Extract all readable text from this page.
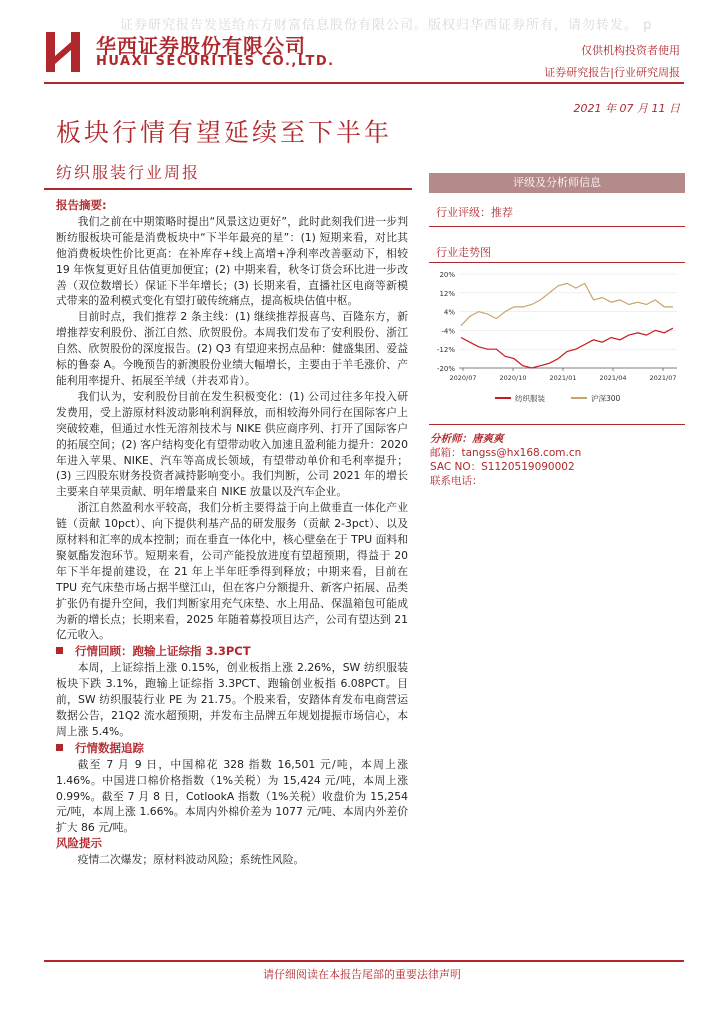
证券研究报告发送给东方财富信息股份有限公司。版权归华西证券所有，请勿转发。 p
华西证券股份有限公司
HUAXI SECURITIES CO.,LTD.
仅供机构投资者使用
证券研究报告|行业研究周报
2021 年 07 月 11 日
板块行情有望延续至下半年
纺织服装行业周报
报告摘要:

我们之前在中期策略时提出“风景这边更好”，此时此刻我们进一步判断纺服板块可能是消费板块中“下半年最亮的星”：(1) 短期来看，对比其他消费板块性价比更高：在补库存+线上高增+净利率改善驱动下，相较 19 年恢复更好且估值更加便宜；(2) 中期来看，秋冬订货会环比进一步改善（双位数增长）保证下半年增长；(3) 长期来看，直播社区电商等新模式带来的盈利模式变化有望打破传统痛点，提高板块估值中枢。

目前时点，我们推荐 2 条主线：(1) 继续推荐报喜鸟、百隆东方，新增推荐安利股份、浙江自然、欣贺股份。本周我们发布了安利股份、浙江自然、欣贺股份的深度报告。(2) Q3 有望迎来拐点品种：健盛集团、爱益标的鲁泰 A。今晚预告的新澳股份业绩大幅增长，主要由于羊毛涨价、产能利用率提升、拓展至羊绒（并表邓肯）。

我们认为，安利股份目前在发生积极变化：(1) 公司过往多年投入研发费用，受上游原材料波动影响利润释放，而相较海外同行在国际客户上突破较难，但通过水性无溶剂技术与 NIKE 供应商序列、打开了国际客户的拓展空间；(2) 客户结构变化有望带动收入加速且盈利能力提升：2020 年进入苹果、NIKE、汽车等高成长领域，有望带动单价和毛利率提升；(3) 三四股东财务投资者减持影响变小。我们判断，公司 2021 年的增长主要来自苹果贡献、明年增量来自 NIKE 放量以及汽车企业。

浙江自然盈利水平较高，我们分析主要得益于向上做垂直一体化产业链（贡献 10pct）、向下提供利基产品的研发服务（贡献 2-3pct）、以及原材料和汇率的成本控制；而在垂直一体化中，核心壁垒在于 TPU 面料和聚氨酯发泡环节。短期来看，公司产能投放进度有望超预期，得益于 20 年下半年提前建设，在 21 年上半年旺季得到释放；中期来看，目前在 TPU 充气床垫市场占据半壁江山，但在客户分额提升、新客户拓展、品类扩张仍有提升空间，我们判断家用充气床垫、水上用品、保温箱包可能成为新的增长点；长期来看，2025 年随着募投项目达产，公司有望达到 21 亿元收入。

行情回顾：跑输上证综指 3.3PCT

本周，上证综指上涨 0.15%，创业板指上涨 2.26%，SW 纺织服装板块下跌 3.1%，跑输上证综指 3.3PCT、跑输创业板指 6.08PCT。目前，SW 纺织服装行业 PE 为 21.75。个股来看，安踏体育发布电商营运数据公告，21Q2 流水超预期，并发布主品牌五年规划提振市场信心，本周上涨 5.4%。

行情数据追踪

截至 7 月 9 日，中国棉花 328 指数 16,501 元/吨，本周上涨 1.46%。中国进口棉价格指数（1%关税）为 15,424 元/吨，本周上涨 0.99%。截至 7 月 8 日，CotlookA 指数（1%关税）收盘价为 15,254 元/吨，本周上涨 1.66%。本周内外棉价差为 1077 元/吨、本周内外差价扩大 86 元/吨。

风险提示

疫情二次爆发；原材料波动风险；系统性风险。

评级及分析师信息
行业评级：推荐
行业走势图
20%
12%
4%
-4%
-12%
-20%
2020/07	2020/10	2021/01	2021/04	2021/07
纺织服装	沪深300
分析师：唐爽爽
邮箱：tangss@hx168.com.cn
SAC NO：S1120519090002
联系电话：
请仔细阅读在本报告尾部的重要法律声明
